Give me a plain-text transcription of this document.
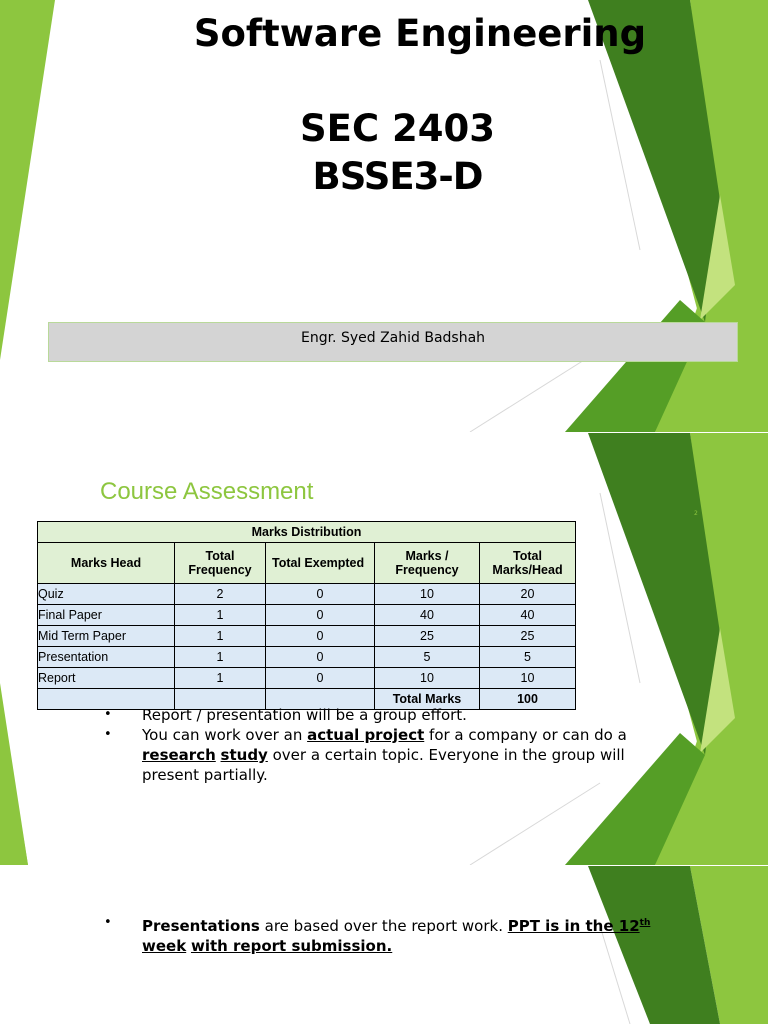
Software Engineering
SEC 2403
BSSE3-D
Engr. Syed Zahid Badshah
Course Assessment
2
Marks Distribution				
Marks Head	Total Frequency	Total Exempted	Marks / Frequency	Total Marks/Head
Quiz	2	0	10	20
Final Paper	1	0	40	40
Mid Term Paper	1	0	25	25
Presentation	1	0	5	5
Report	1	0	10	10
			Total Marks	100
• Report / presentation will be a group effort.
• You can work over an actual project for a company or can do a
research study over a certain topic. Everyone in the group will present partially.
• Presentations are based over the report work. PPT is in the 12th
week with report submission.
